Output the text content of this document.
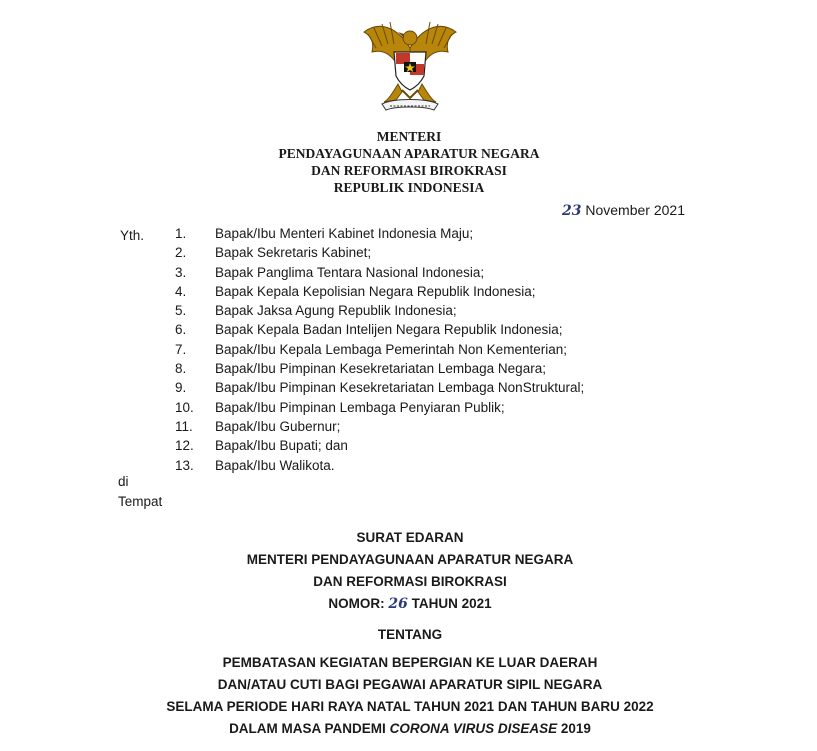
MENTERI
PENDAYAGUNAAN APARATUR NEGARA
DAN REFORMASI BIROKRASI
REPUBLIK INDONESIA
23 November 2021
Yth. 1.	Bapak/Ibu Menteri Kabinet Indonesia Maju;
2.	Bapak Sekretaris Kabinet;
3.	Bapak Panglima Tentara Nasional Indonesia;
4.	Bapak Kepala Kepolisian Negara Republik Indonesia;
5.	Bapak Jaksa Agung Republik Indonesia;
6.	Bapak Kepala Badan Intelijen Negara Republik Indonesia;
7.	Bapak/Ibu Kepala Lembaga Pemerintah Non Kementerian;
8.	Bapak/Ibu Pimpinan Kesekretariatan Lembaga Negara;
9.	Bapak/Ibu Pimpinan Kesekretariatan Lembaga NonStruktural;
10.	Bapak/Ibu Pimpinan Lembaga Penyiaran Publik;
11.	Bapak/Ibu Gubernur;
12.	Bapak/Ibu Bupati; dan
13.	Bapak/Ibu Walikota.
di
Tempat
SURAT EDARAN
MENTERI PENDAYAGUNAAN APARATUR NEGARA
DAN REFORMASI BIROKRASI
NOMOR: 26 TAHUN 2021
TENTANG
PEMBATASAN KEGIATAN BEPERGIAN KE LUAR DAERAH
DAN/ATAU CUTI BAGI PEGAWAI APARATUR SIPIL NEGARA
SELAMA PERIODE HARI RAYA NATAL TAHUN 2021 DAN TAHUN BARU 2022
DALAM MASA PANDEMI CORONA VIRUS DISEASE 2019
